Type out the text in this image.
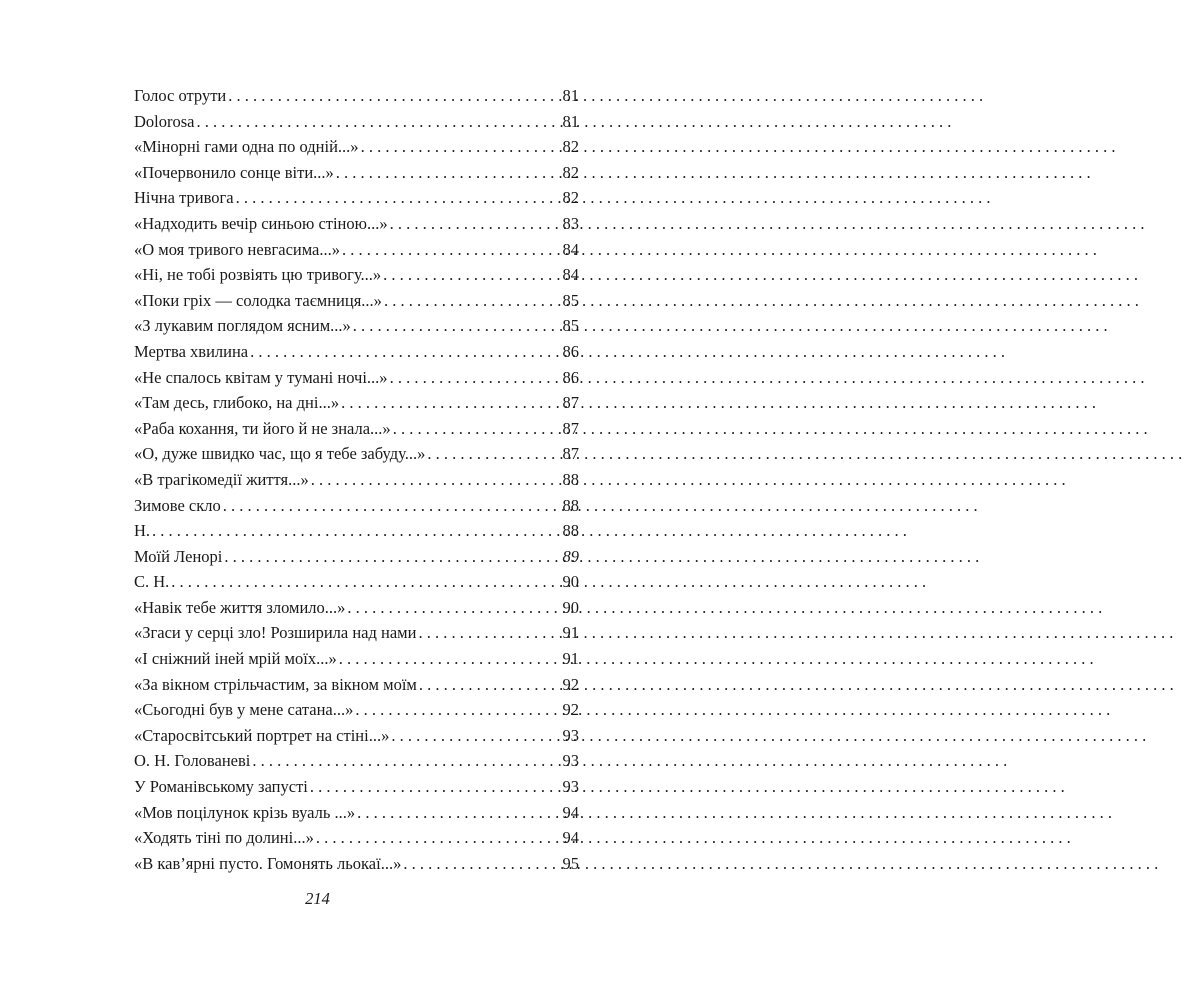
Голос отрути . . .	81
Dolorosa . . .	81
«Мінорні гами одна по одній...» . . .	82
«Почервонило сонце віти...» . . .	82
Нічна тривога . . .	82
«Надходить вечір синьою стіною...» . . .	83
«О моя тривого невгасима...» . . .	84
«Ні, не тобі розвіять цю тривогу...» . . .	84
«Поки гріх — солодка таємниця...» . . .	85
«З лукавим поглядом ясним...» . . .	85
Мертва хвилина . . .	86
«Не спалось квітам у тумані ночі...» . . .	86
«Там десь, глибоко, на дні...» . . .	87
«Раба кохання, ти його й не знала...» . . .	87
«О, дуже швидко час, що я тебе забуду...» . . .	87
«В трагікомедії життя...» . . .	88
Зимове скло . . .	88
Н. . . .	88
Моїй Ленорі . . .	89
С. Н. . . .	90
«Навік тебе життя зломило...» . . .	90
«Згаси у серці зло! Розширила над нами . . .	91
«І сніжний іней мрій моїх...» . . .	91
«За вікном стрільчастим, за вікном моїм . . .	92
«Сьогодні був у мене сатана...» . . .	92
«Старосвітський портрет на стіні...» . . .	93
О. Н. Голованеві . . .	93
У Романівському запусті . . .	93
«Мов поцілунок крізь вуаль ...» . . .	94
«Ходять тіні по долині...» . . .	94
«В кав’ярні пусто. Гомонять льокаї...» . . .	95
214
